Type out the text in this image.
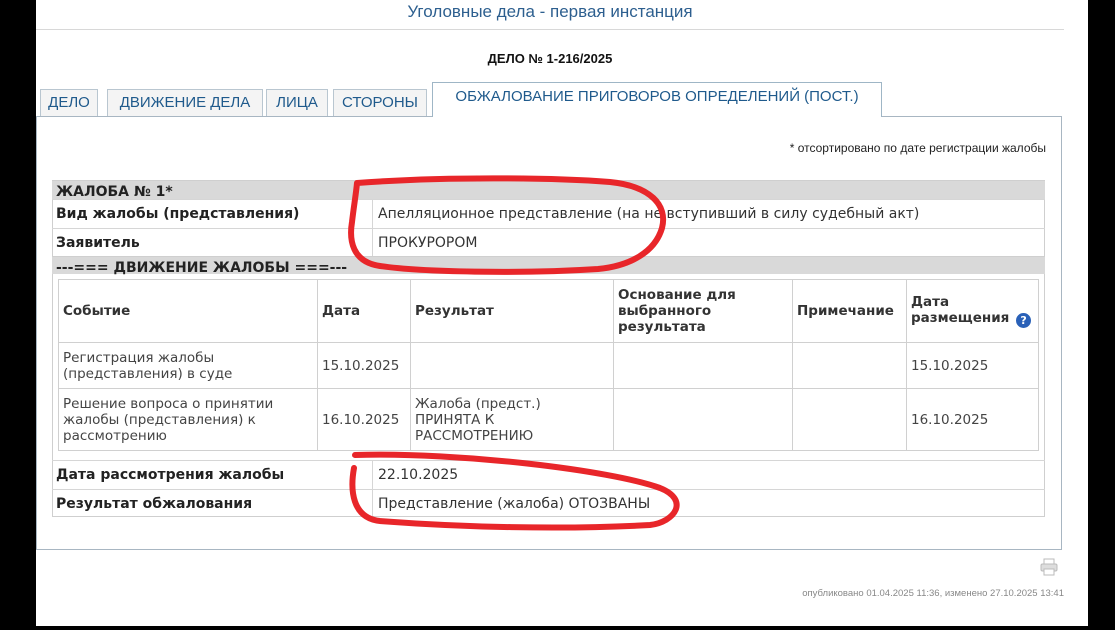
Уголовные дела - первая инстанция
ДЕЛО № 1-216/2025
ДЕЛО	ДВИЖЕНИЕ ДЕЛА	ЛИЦА	СТОРОНЫ	ОБЖАЛОВАНИЕ ПРИГОВОРОВ ОПРЕДЕЛЕНИЙ (ПОСТ.)
* отсортировано по дате регистрации жалобы
ЖАЛОБА № 1*
Вид жалобы (представления)	Апелляционное представление (на не вступивший в силу судебный акт)
Заявитель	ПРОКУРОРОМ
---=== ДВИЖЕНИЕ ЖАЛОБЫ ===---
Событие	Дата	Результат	Основание для выбранного результата	Примечание	Дата размещения ?
Регистрация жалобы (представления) в суде	15.10.2025				15.10.2025
Решение вопроса о принятии жалобы (представления) к рассмотрению	16.10.2025	Жалоба (предст.) ПРИНЯТА К РАССМОТРЕНИЮ			16.10.2025
Дата рассмотрения жалобы	22.10.2025
Результат обжалования	Представление (жалоба) ОТОЗВАНЫ
опубликовано 01.04.2025 11:36, изменено 27.10.2025 13:41
